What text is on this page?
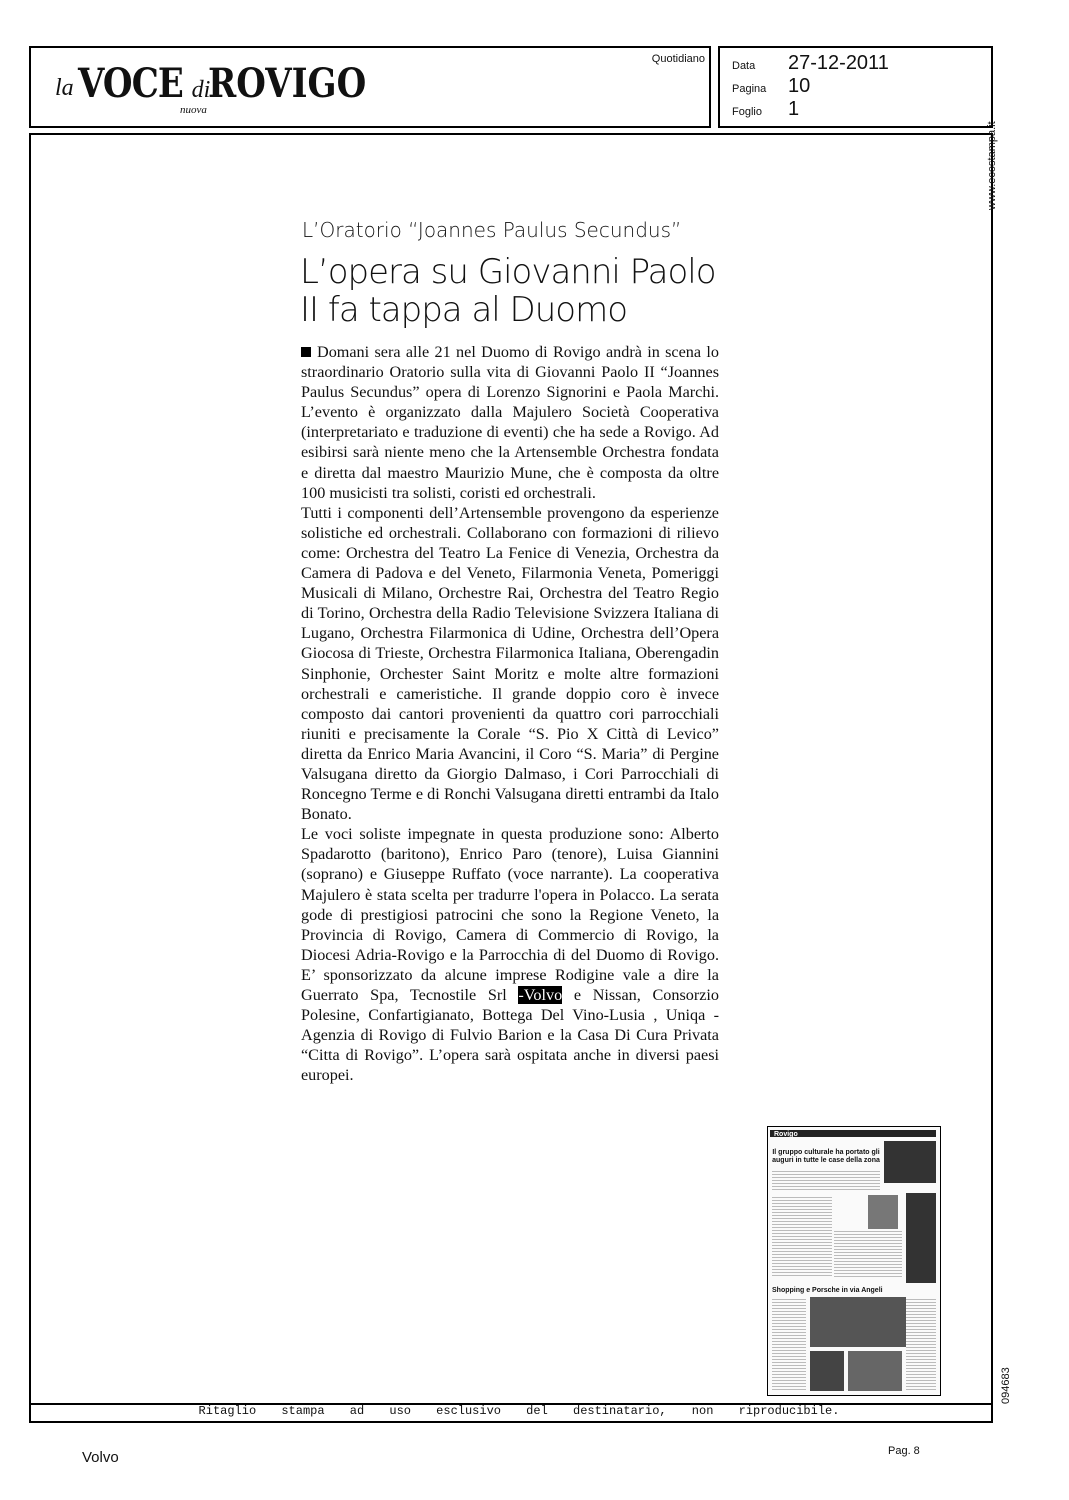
la VOCE diROVIGO
nuova
Quotidiano
Data	27-12-2011
Pagina	10
Foglio	1
www.ecostampa.it
094683
L’Oratorio “Joannes Paulus Secundus”
L’opera su Giovanni Paolo II fa tappa al Duomo

Domani sera alle 21 nel Duomo di Rovigo andrà in scena lo straordinario Oratorio sulla vita di Giovanni Paolo II “Joannes Paulus Secundus” opera di Lorenzo Signorini e Paola Marchi. L’evento è organizzato dalla Majulero Società Cooperativa (interpretariato e traduzione di eventi) che ha sede a Rovigo. Ad esibirsi sarà niente meno che la Artensemble Orchestra fondata e diretta dal maestro Maurizio Mune, che è composta da oltre 100 musicisti tra solisti, coristi ed orchestrali.

Tutti i componenti dell’Artensemble provengono da esperienze solistiche ed orchestrali. Collaborano con formazioni di rilievo come: Orchestra del Teatro La Fenice di Venezia, Orchestra da Camera di Padova e del Veneto, Filarmonia Veneta, Pomeriggi Musicali di Milano, Orchestre Rai, Orchestra del Teatro Regio di Torino, Orchestra della Radio Televisione Svizzera Italiana di Lugano, Orchestra Filarmonica di Udine, Orchestra dell’Opera Giocosa di Trieste, Orchestra Filarmonica Italiana, Oberengadin Sinphonie, Orchester Saint Moritz e molte altre formazioni orchestrali e cameristiche. Il grande doppio coro è invece composto dai cantori provenienti da quattro cori parrocchiali riuniti e precisamente la Corale “S. Pio X Città di Levico” diretta da Enrico Maria Avancini, il Coro “S. Maria” di Pergine Valsugana diretto da Giorgio Dalmaso, i Cori Parrocchiali di Roncegno Terme e di Ronchi Valsugana diretti entrambi da Italo Bonato.

Le voci soliste impegnate in questa produzione sono: Alberto Spadarotto (baritono), Enrico Paro (tenore), Luisa Giannini (soprano) e Giuseppe Ruffato (voce narrante). La cooperativa Majulero è stata scelta per tradurre l'opera in Polacco. La serata gode di prestigiosi patrocini che sono la Regione Veneto, la Provincia di Rovigo, Camera di Commercio di Rovigo, la Diocesi Adria-Rovigo e la Parrocchia di del Duomo di Rovigo. E’ sponsorizzato da alcune imprese Rodigine vale a dire la Guerrato Spa, Tecnostile Srl -Volvo e Nissan, Consorzio Polesine, Confartigianato, Bottega Del Vino-Lusia , Uniqa -Agenzia di Rovigo di Fulvio Barion e la Casa Di Cura Privata “Citta di Rovigo”. L’opera sarà ospitata anche in diversi paesi europei.

Rovigo
Il gruppo culturale ha portato gli auguri in tutte le case della zona
Shopping e Porsche in via Angeli
Ritaglio stampa ad uso esclusivo del destinatario, non riproducibile.
Volvo	Pag. 8
